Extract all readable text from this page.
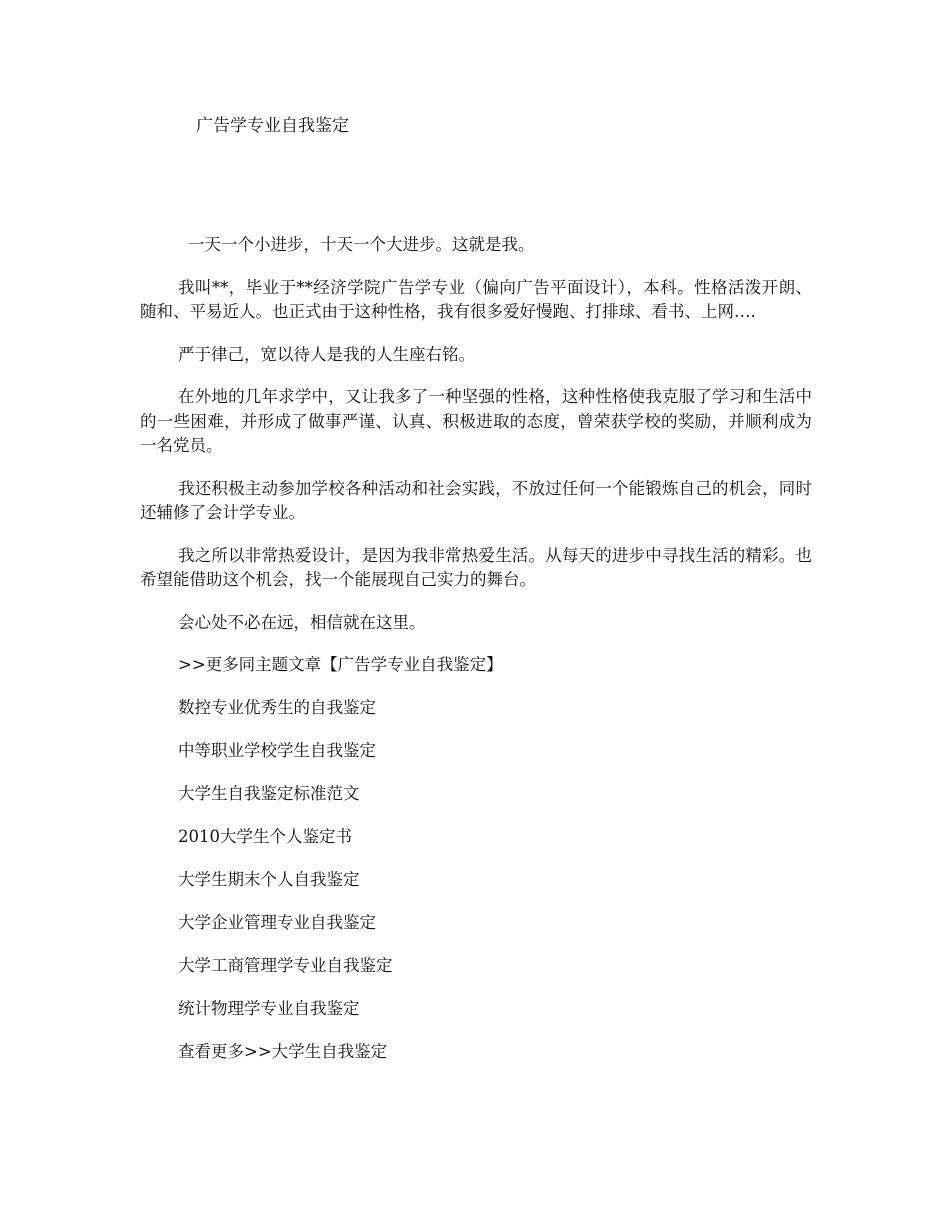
广告学专业自我鉴定

一天一个小进步，十天一个大进步。这就是我。

我叫**，毕业于**经济学院广告学专业（偏向广告平面设计），本科。性格活泼开朗、随和、平易近人。也正式由于这种性格，我有很多爱好慢跑、打排球、看书、上网….

严于律己，宽以待人是我的人生座右铭。

在外地的几年求学中，又让我多了一种坚强的性格，这种性格使我克服了学习和生活中的一些困难，并形成了做事严谨、认真、积极进取的态度，曾荣获学校的奖励，并顺利成为一名党员。

我还积极主动参加学校各种活动和社会实践，不放过任何一个能锻炼自己的机会，同时还辅修了会计学专业。

我之所以非常热爱设计，是因为我非常热爱生活。从每天的进步中寻找生活的精彩。也希望能借助这个机会，找一个能展现自己实力的舞台。

会心处不必在远，相信就在这里。

>>更多同主题文章【广告学专业自我鉴定】
数控专业优秀生的自我鉴定
中等职业学校学生自我鉴定
大学生自我鉴定标准范文
2010大学生个人鉴定书
大学生期末个人自我鉴定
大学企业管理专业自我鉴定
大学工商管理学专业自我鉴定
统计物理学专业自我鉴定
查看更多>>大学生自我鉴定
